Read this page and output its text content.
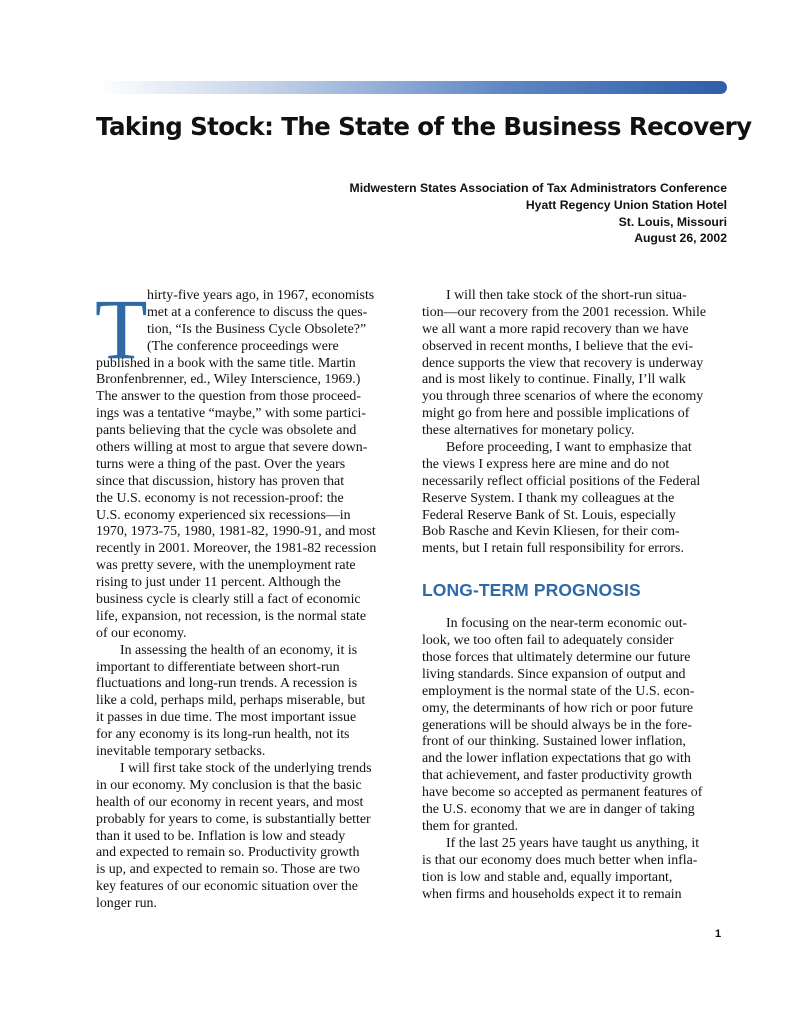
Taking Stock: The State of the Business Recovery
Midwestern States Association of Tax Administrators Conference
Hyatt Regency Union Station Hotel
St. Louis, Missouri
August 26, 2002
T hirty-five years ago, in 1967, economists
met at a conference to discuss the ques-
tion, “Is the Business Cycle Obsolete?”
(The conference proceedings were
published in a book with the same title. Martin
Bronfenbrenner, ed., Wiley Interscience, 1969.)
The answer to the question from those proceed-
ings was a tentative “maybe,” with some partici-
pants believing that the cycle was obsolete and
others willing at most to argue that severe down-
turns were a thing of the past. Over the years
since that discussion, history has proven that
the U.S. economy is not recession-proof: the
U.S. economy experienced six recessions—in
1970, 1973-75, 1980, 1981-82, 1990-91, and most
recently in 2001. Moreover, the 1981-82 recession
was pretty severe, with the unemployment rate
rising to just under 11 percent. Although the
business cycle is clearly still a fact of economic
life, expansion, not recession, is the normal state
of our economy.
In assessing the health of an economy, it is
important to differentiate between short-run
fluctuations and long-run trends. A recession is
like a cold, perhaps mild, perhaps miserable, but
it passes in due time. The most important issue
for any economy is its long-run health, not its
inevitable temporary setbacks.
I will first take stock of the underlying trends
in our economy. My conclusion is that the basic
health of our economy in recent years, and most
probably for years to come, is substantially better
than it used to be. Inflation is low and steady
and expected to remain so. Productivity growth
is up, and expected to remain so. Those are two
key features of our economic situation over the
longer run.
I will then take stock of the short-run situa-
tion—our recovery from the 2001 recession. While
we all want a more rapid recovery than we have
observed in recent months, I believe that the evi-
dence supports the view that recovery is underway
and is most likely to continue. Finally, I’ll walk
you through three scenarios of where the economy
might go from here and possible implications of
these alternatives for monetary policy.
Before proceeding, I want to emphasize that
the views I express here are mine and do not
necessarily reflect official positions of the Federal
Reserve System. I thank my colleagues at the
Federal Reserve Bank of St. Louis, especially
Bob Rasche and Kevin Kliesen, for their com-
ments, but I retain full responsibility for errors.
LONG-TERM PROGNOSIS
In focusing on the near-term economic out-
look, we too often fail to adequately consider
those forces that ultimately determine our future
living standards. Since expansion of output and
employment is the normal state of the U.S. econ-
omy, the determinants of how rich or poor future
generations will be should always be in the fore-
front of our thinking. Sustained lower inflation,
and the lower inflation expectations that go with
that achievement, and faster productivity growth
have become so accepted as permanent features of
the U.S. economy that we are in danger of taking
them for granted.
If the last 25 years have taught us anything, it
is that our economy does much better when infla-
tion is low and stable and, equally important,
when firms and households expect it to remain
1
